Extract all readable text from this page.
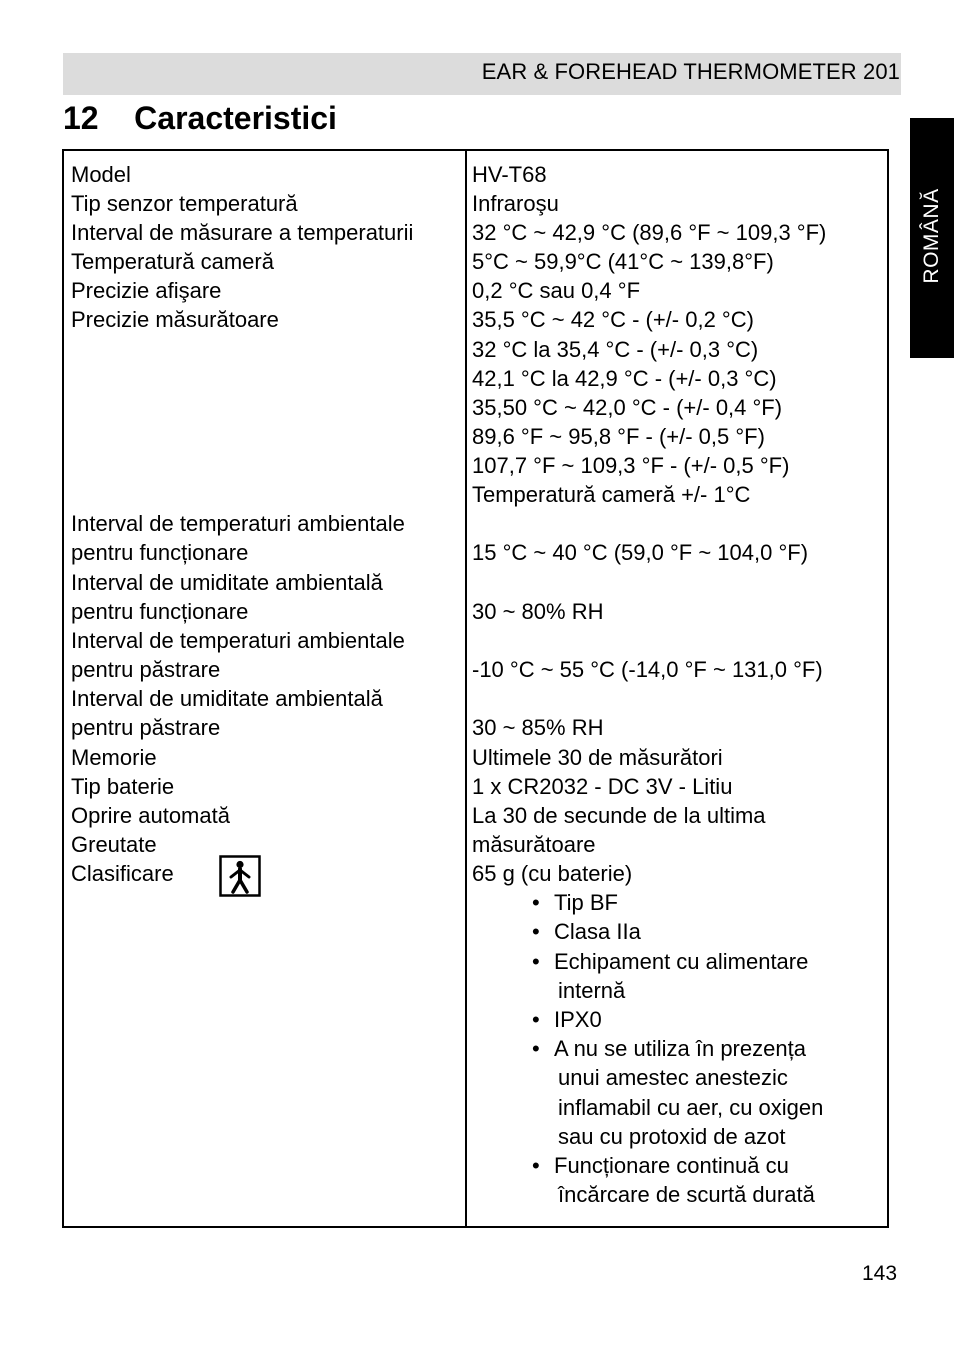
EAR & FOREHEAD THERMOMETER 201
12    Caracteristici
ROMÂNĂ
Model
Tip senzor temperatură
Interval de măsurare a temperaturii
Temperatură cameră
Precizie afişare
Precizie măsurătoare
Interval de temperaturi ambientale
pentru funcționare
Interval de umiditate ambientală
pentru funcționare
Interval de temperaturi ambientale
pentru păstrare
Interval de umiditate ambientală
pentru păstrare
Memorie
Tip baterie
Oprire automată
Greutate
Clasificare
HV-T68
Infraroşu
32 °C ~ 42,9 °C (89,6 °F ~ 109,3 °F)
5°C ~ 59,9°C (41°C ~ 139,8°F)
0,2 °C sau 0,4 °F
35,5 °C ~ 42 °C - (+/- 0,2 °C)
32 °C la 35,4 °C - (+/- 0,3 °C)
42,1 °C la 42,9 °C - (+/- 0,3 °C)
35,50 °C ~ 42,0 °C - (+/- 0,4 °F)
89,6 °F ~ 95,8 °F - (+/- 0,5 °F)
107,7 °F ~ 109,3 °F - (+/- 0,5 °F)
Temperatură cameră +/- 1°C
15 °C ~ 40 °C (59,0 °F ~ 104,0 °F)
30 ~ 80% RH
-10 °C ~ 55 °C (-14,0 °F ~ 131,0 °F)
30 ~ 85% RH
Ultimele 30 de măsurători
1 x CR2032 - DC 3V - Litiu
La 30 de secunde de la ultima
măsurătoare
65 g (cu baterie)
• Tip BF
• Clasa IIa
• Echipament cu alimentare
internă
• IPX0
• A nu se utiliza în prezența
unui amestec anestezic
inflamabil cu aer, cu oxigen
sau cu protoxid de azot
• Funcționare continuă cu
încărcare de scurtă durată
143
